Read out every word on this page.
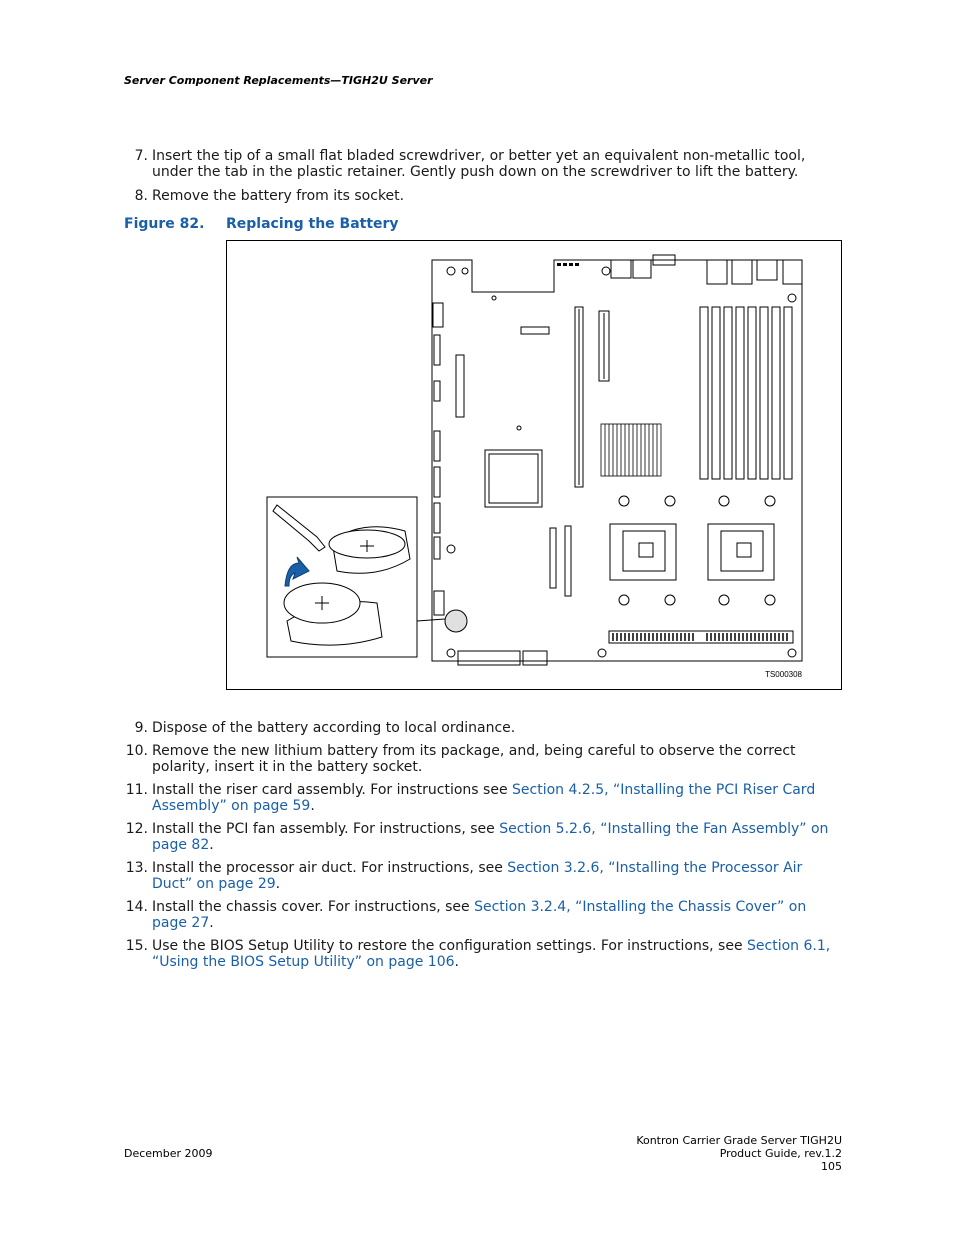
Server Component Replacements—TIGH2U Server
7. Insert the tip of a small flat bladed screwdriver, or better yet an equivalent non-metallic tool, under the tab in the plastic retainer. Gently push down on the screwdriver to lift the battery.
8. Remove the battery from its socket.
Figure 82. Replacing the Battery
TS000308
9. Dispose of the battery according to local ordinance.
10. Remove the new lithium battery from its package, and, being careful to observe the correct polarity, insert it in the battery socket.
11. Install the riser card assembly. For instructions see Section 4.2.5, “Installing the PCI Riser Card Assembly” on page 59.
12. Install the PCI fan assembly. For instructions, see Section 5.2.6, “Installing the Fan Assembly” on page 82.
13. Install the processor air duct. For instructions, see Section 3.2.6, “Installing the Processor Air Duct” on page 29.
14. Install the chassis cover. For instructions, see Section 3.2.4, “Installing the Chassis Cover” on page 27.
15. Use the BIOS Setup Utility to restore the configuration settings. For instructions, see Section 6.1, “Using the BIOS Setup Utility” on page 106.
December 2009
Kontron Carrier Grade Server TIGH2U
Product Guide, rev.1.2
105
